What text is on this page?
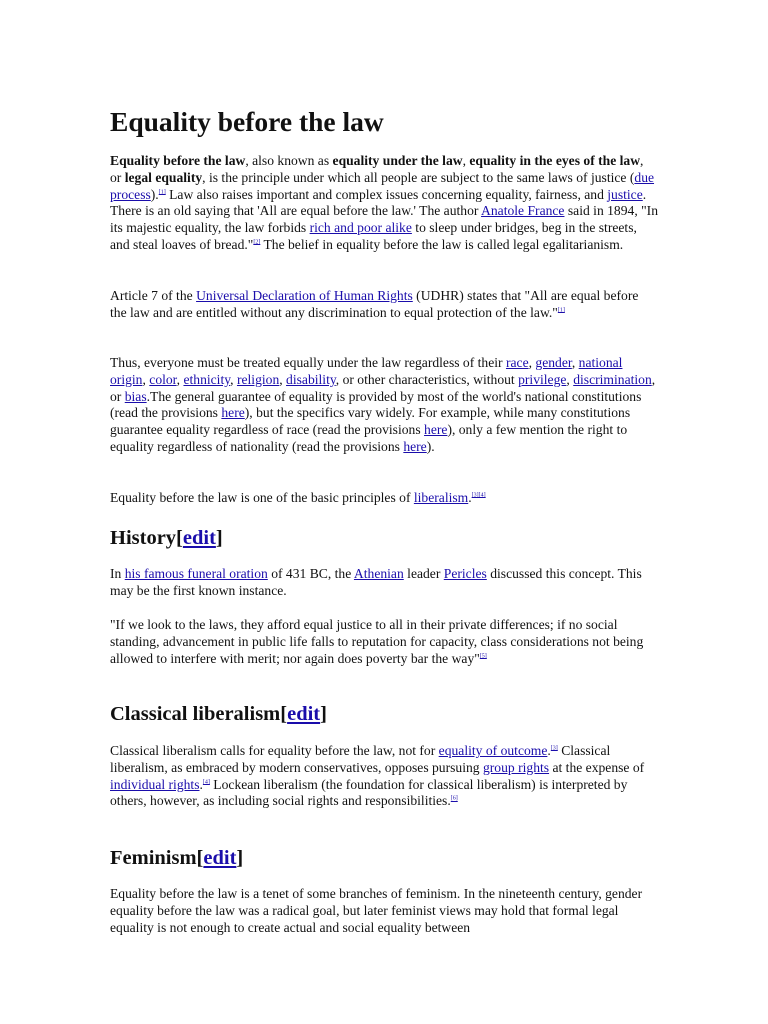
Equality before the law

Equality before the law, also known as equality under the law, equality in the eyes of the law, or legal equality, is the principle under which all people are subject to the same laws of justice (due process).[1] Law also raises important and complex issues concerning equality, fairness, and justice. There is an old saying that 'All are equal before the law.' The author Anatole France said in 1894, "In its majestic equality, the law forbids rich and poor alike to sleep under bridges, beg in the streets, and steal loaves of bread."[2] The belief in equality before the law is called legal egalitarianism.

Article 7 of the Universal Declaration of Human Rights (UDHR) states that "All are equal before the law and are entitled without any discrimination to equal protection of the law."[1]

Thus, everyone must be treated equally under the law regardless of their race, gender, national origin, color, ethnicity, religion, disability, or other characteristics, without privilege, discrimination, or bias.The general guarantee of equality is provided by most of the world's national constitutions (read the provisions here), but the specifics vary widely. For example, while many constitutions guarantee equality regardless of race (read the provisions here), only a few mention the right to equality regardless of nationality (read the provisions here).

Equality before the law is one of the basic principles of liberalism.[3][4]

History[edit]

In his famous funeral oration of 431 BC, the Athenian leader Pericles discussed this concept. This may be the first known instance.

"If we look to the laws, they afford equal justice to all in their private differences; if no social standing, advancement in public life falls to reputation for capacity, class considerations not being allowed to interfere with merit; nor again does poverty bar the way"[5]

Classical liberalism[edit]

Classical liberalism calls for equality before the law, not for equality of outcome.[3] Classical liberalism, as embraced by modern conservatives, opposes pursuing group rights at the expense of individual rights.[4] Lockean liberalism (the foundation for classical liberalism) is interpreted by others, however, as including social rights and responsibilities.[6]

Feminism[edit]

Equality before the law is a tenet of some branches of feminism. In the nineteenth century, gender equality before the law was a radical goal, but later feminist views may hold that formal legal equality is not enough to create actual and social equality between
